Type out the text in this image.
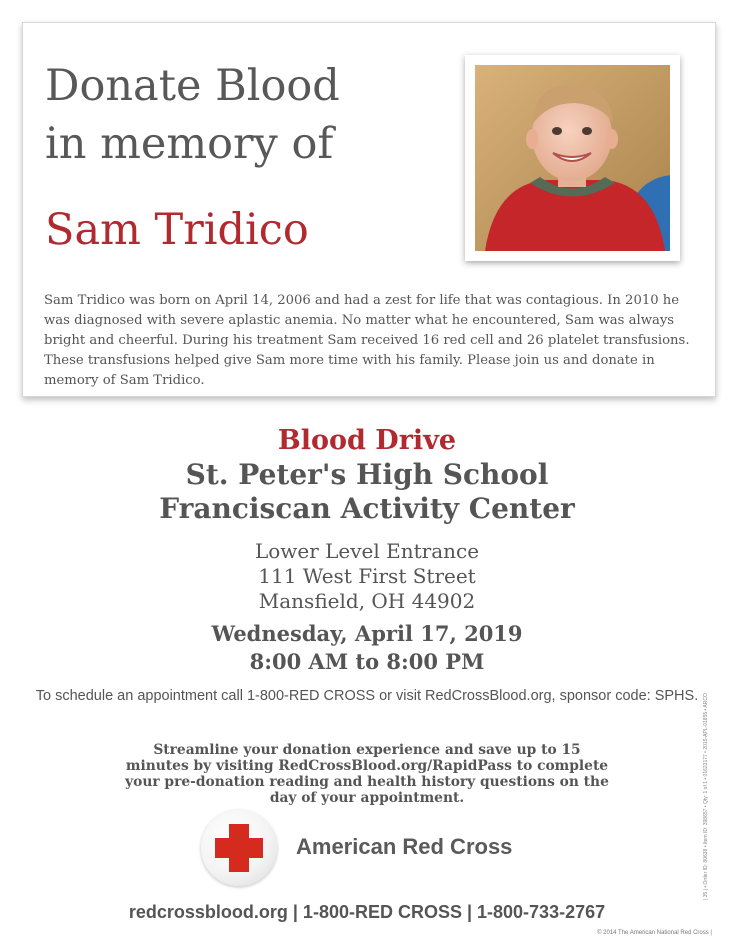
Donate Blood
in memory of
Sam Tridico

Sam Tridico was born on April 14, 2006 and had a zest for life that was contagious. In 2010 he was diagnosed with severe aplastic anemia. No matter what he encountered, Sam was always bright and cheerful. During his treatment Sam received 16 red cell and 26 platelet transfusions. These transfusions helped give Sam more time with his family. Please join us and donate in memory of Sam Tridico.

Blood Drive
St. Peter's High School
Franciscan Activity Center
Lower Level Entrance
111 West First Street
Mansfield, OH 44902
Wednesday, April 17, 2019
8:00 AM to 8:00 PM
To schedule an appointment call 1-800-RED CROSS or visit RedCrossBlood.org, sponsor code: SPHS.
Streamline your donation experience and save up to 15 minutes by visiting RedCrossBlood.org/RapidPass to complete your pre-donation reading and health history questions on the day of your appointment.
American Red Cross
redcrossblood.org | 1-800-RED CROSS | 1-800-733-2767
© 2014 The American National Red Cross |
| 35 | • Order ID: 80638 • Item ID: 398657 • Qty: 1 of 1 • 01623177 • 2015-APL-01855 • ARCO
